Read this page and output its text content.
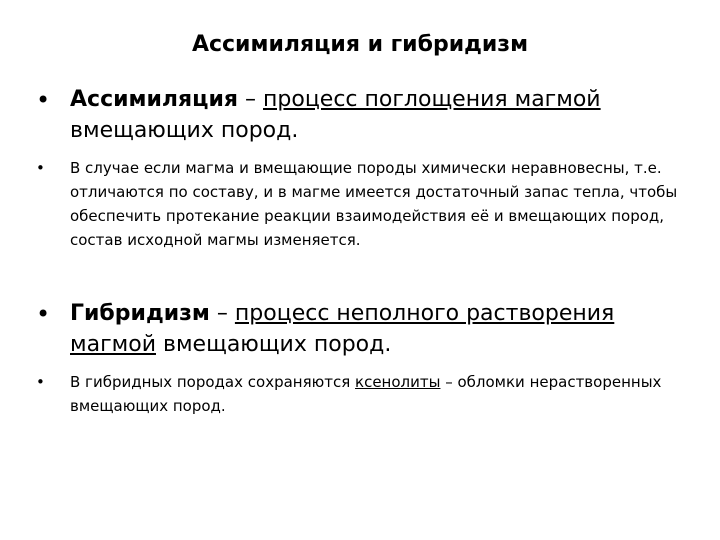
Ассимиляция и гибридизм
• Ассимиляция – процесс поглощения магмой вмещающих пород.
•	В случае если магма и вмещающие породы химически неравновесны, т.е. отличаются по составу, и в магме имеется достаточный запас тепла, чтобы обеспечить протекание реакции взаимодействия её и вмещающих пород, состав исходной магмы изменяется.
• Гибридизм – процесс неполного растворения магмой вмещающих пород.
•	В гибридных породах сохраняются ксенолиты – обломки нерастворенных вмещающих пород.
